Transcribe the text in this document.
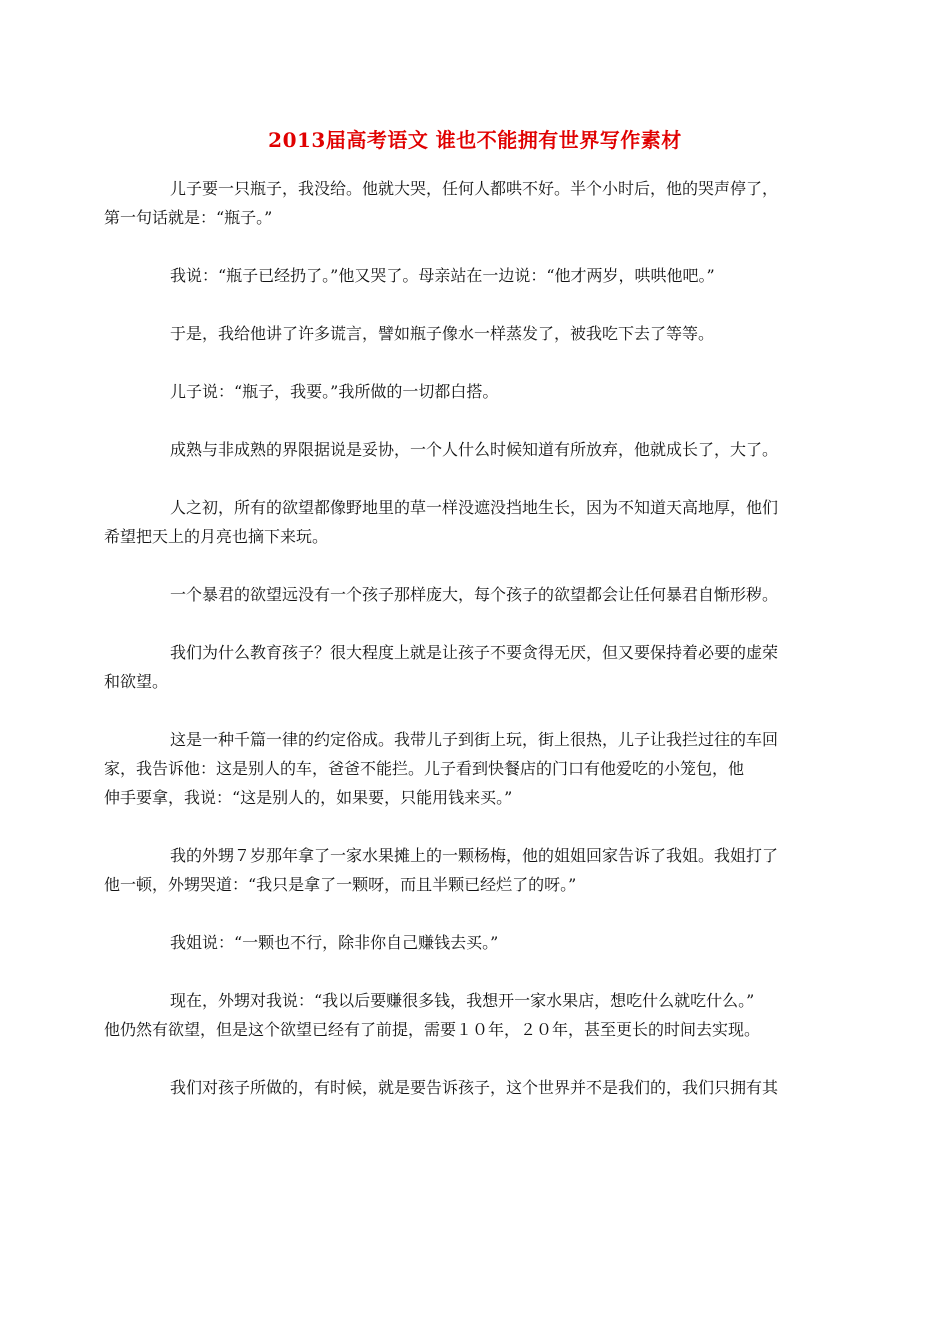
2013届高考语文 谁也不能拥有世界写作素材
儿子要一只瓶子，我没给。他就大哭，任何人都哄不好。半个小时后，他的哭声停了，
第一句话就是：“瓶子。”
我说：“瓶子已经扔了。”他又哭了。母亲站在一边说：“他才两岁，哄哄他吧。”
于是，我给他讲了许多谎言，譬如瓶子像水一样蒸发了，被我吃下去了等等。
儿子说：“瓶子，我要。”我所做的一切都白搭。
成熟与非成熟的界限据说是妥协，一个人什么时候知道有所放弃，他就成长了，大了。
人之初，所有的欲望都像野地里的草一样没遮没挡地生长，因为不知道天高地厚，他们
希望把天上的月亮也摘下来玩。
一个暴君的欲望远没有一个孩子那样庞大，每个孩子的欲望都会让任何暴君自惭形秽。
我们为什么教育孩子？很大程度上就是让孩子不要贪得无厌，但又要保持着必要的虚荣
和欲望。
这是一种千篇一律的约定俗成。我带儿子到街上玩，街上很热，儿子让我拦过往的车回
家，我告诉他：这是别人的车，爸爸不能拦。儿子看到快餐店的门口有他爱吃的小笼包，他
伸手要拿，我说：“这是别人的，如果要，只能用钱来买。”
我的外甥７岁那年拿了一家水果摊上的一颗杨梅，他的姐姐回家告诉了我姐。我姐打了
他一顿，外甥哭道：“我只是拿了一颗呀，而且半颗已经烂了的呀。”
我姐说：“一颗也不行，除非你自己赚钱去买。”
现在，外甥对我说：“我以后要赚很多钱，我想开一家水果店，想吃什么就吃什么。”
他仍然有欲望，但是这个欲望已经有了前提，需要１０年，２０年，甚至更长的时间去实现。
我们对孩子所做的，有时候，就是要告诉孩子，这个世界并不是我们的，我们只拥有其
